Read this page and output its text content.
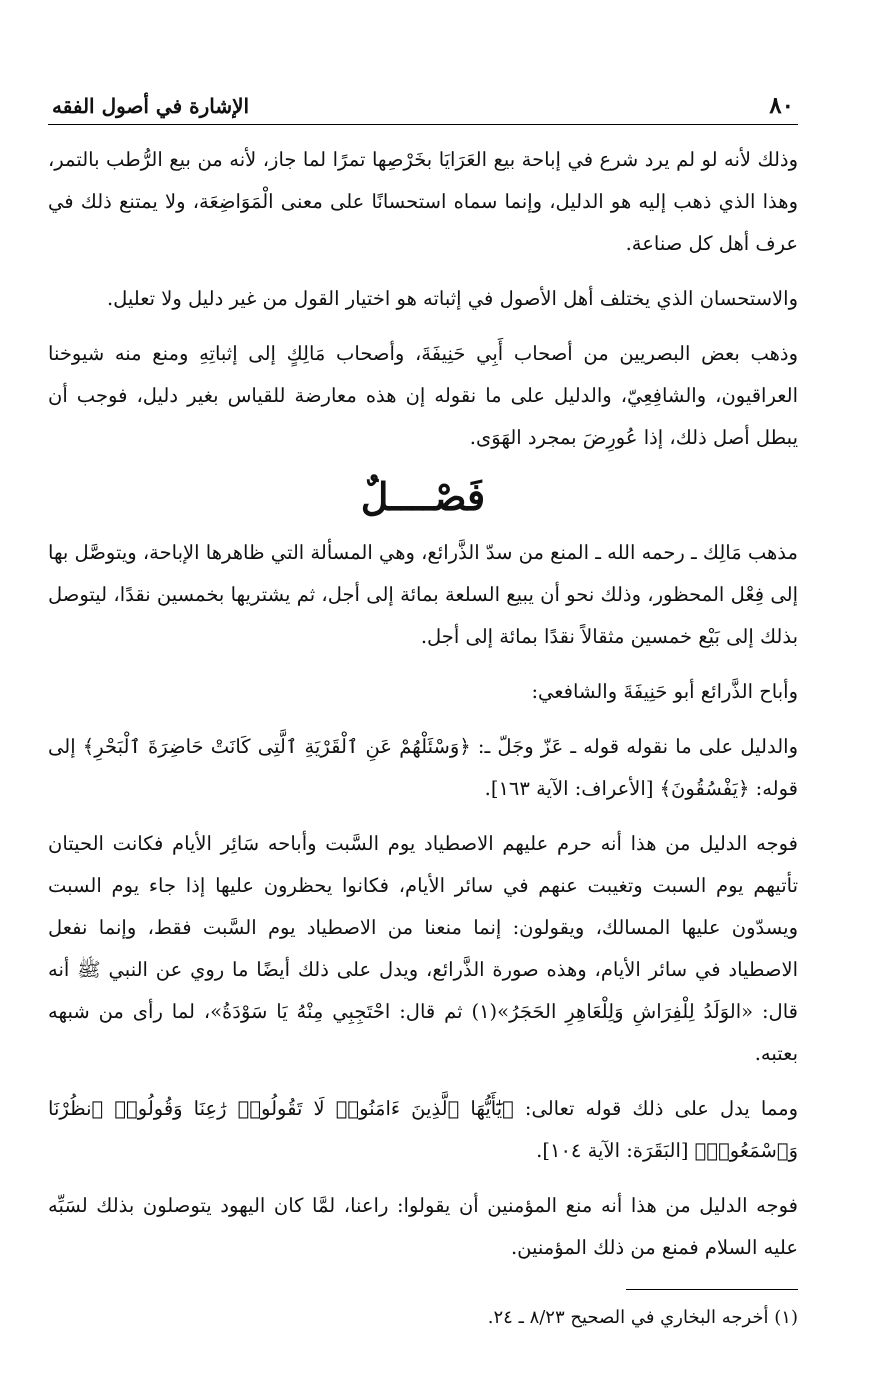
٨٠
الإشارة في أصول الفقه

وذلك لأنه لو لم يرد شرع في إباحة بيع العَرَايَا بخَرْصِها تمرًا لما جاز، لأنه من بيع الرُّطب بالتمر، وهذا الذي ذهب إليه هو الدليل، وإنما سماه استحسانًا على معنى الْمَوَاضِعَة، ولا يمتنع ذلك في عرف أهل كل صناعة.

والاستحسان الذي يختلف أهل الأصول في إثباته هو اختيار القول من غير دليل ولا تعليل.

وذهب بعض البصريين من أصحاب أَبِي حَنِيفَةَ، وأصحاب مَالِكٍ إلى إثباتِهِ ومنع منه شيوخنا العراقيون، والشافِعِيّ، والدليل على ما نقوله إن هذه معارضة للقياس بغير دليل، فوجب أن يبطل أصل ذلك، إذا عُورِضَ بمجرد الهَوَى.

فَصْــــلٌ

مذهب مَالِك ـ رحمه الله ـ المنع من سدّ الذَّرائع، وهي المسألة التي ظاهرها الإباحة، ويتوصَّل بها إلى فِعْل المحظور، وذلك نحو أن يبيع السلعة بمائة إلى أجل، ثم يشتريها بخمسين نقدًا، ليتوصل بذلك إلى بَيْع خمسين مثقالاً نقدًا بمائة إلى أجل.

وأباح الذَّرائع أبو حَنِيفَةَ والشافعي:

والدليل على ما نقوله قوله ـ عَزّ وجَلّ ـ: ﴿وَسْئَلْهُمْ عَنِ ٱلْقَرْيَةِ ٱلَّتِى كَانَتْ حَاضِرَةَ ٱلْبَحْرِ﴾ إلى قوله: ﴿يَفْسُقُونَ﴾ [الأعراف: الآية ١٦٣].

فوجه الدليل من هذا أنه حرم عليهم الاصطياد يوم السَّبت وأباحه سَائِر الأيام فكانت الحيتان تأتيهم يوم السبت وتغيبت عنهم في سائر الأيام، فكانوا يحظرون عليها إذا جاء يوم السبت ويسدّون عليها المسالك، ويقولون: إنما منعنا من الاصطياد يوم السَّبت فقط، وإنما نفعل الاصطياد في سائر الأيام، وهذه صورة الذَّرائع، ويدل على ذلك أيضًا ما روي عن النبي ﷺ أنه قال: «الوَلَدُ لِلْفِرَاشِ وَلِلْعَاهِرِ الحَجَرُ»(١) ثم قال: احْتَجِبِي مِنْهُ يَا سَوْدَةُ»، لما رأى من شبهه بعتبه.

ومما يدل على ذلك قوله تعالى: ﴿يَٰٓأَيُّهَا ٱلَّذِينَ ءَامَنُوا۟ لَا تَقُولُوا۟ رَٰعِنَا وَقُولُوا۟ ٱنظُرْنَا وَٱسْمَعُوا۟﴾ [البَقَرَة: الآية ١٠٤].

فوجه الدليل من هذا أنه منع المؤمنين أن يقولوا: راعنا، لمَّا كان اليهود يتوصلون بذلك لسَبِّه عليه السلام فمنع من ذلك المؤمنين.

(١) أخرجه البخاري في الصحيح ٨/٢٣ ـ ٢٤.
